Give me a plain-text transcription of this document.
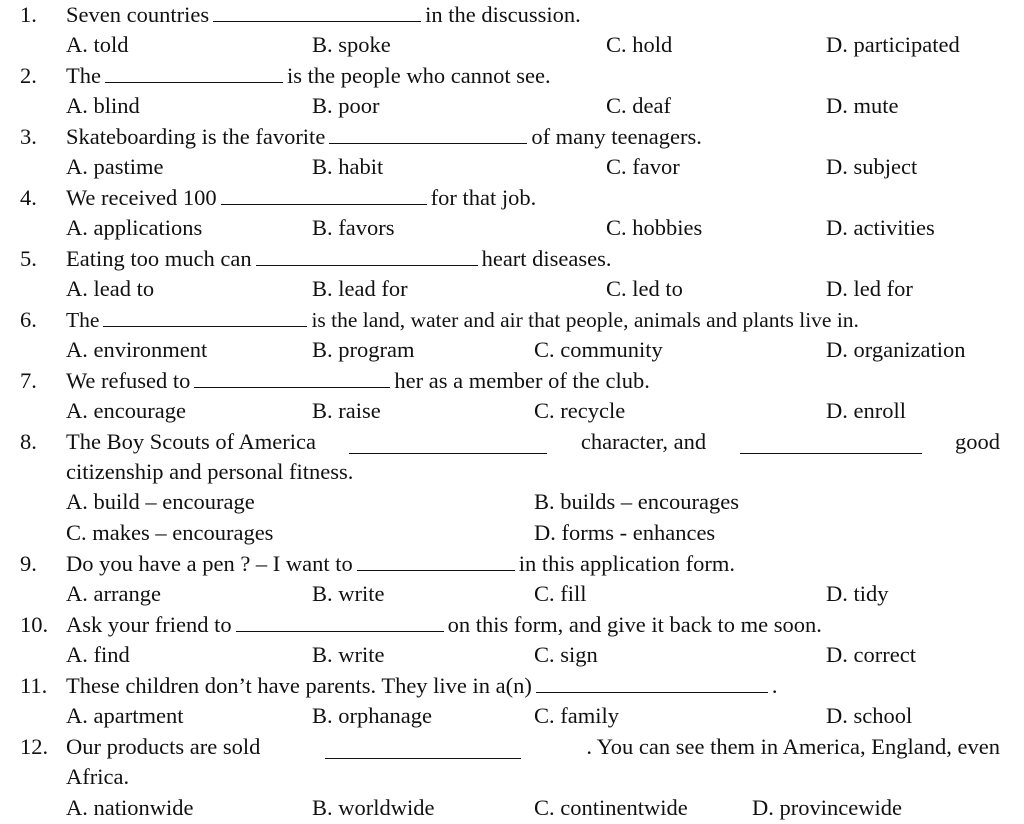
1. Seven countries	in the discussion.
A. told	B. spoke	C. hold	D. participated
2. The	is the people who cannot see.
A. blind	B. poor	C. deaf	D. mute
3. Skateboarding is the favorite	of many teenagers.
A. pastime	B. habit	C. favor	D. subject
4. We received 100	for that job.
A. applications	B. favors	C. hobbies	D. activities
5. Eating too much can	heart diseases.
A. lead to	B. lead for	C. led to	D. led for
6. The	is the land, water and air that people, animals and plants live in.
A. environment	B. program	C. community	D. organization
7. We refused to	her as a member of the club.
A. encourage	B. raise	C. recycle	D. enroll
8. The Boy Scouts of America	character, and	good
citizenship and personal fitness.
A. build – encourage	B. builds – encourages
C. makes – encourages	D. forms - enhances
9. Do you have a pen ? – I want to	in this application form.
A. arrange	B. write	C. fill	D. tidy
10. Ask your friend to	on this form, and give it back to me soon.
A. find	B. write	C. sign	D. correct
11. These children don’t have parents. They live in a(n)	.
A. apartment	B. orphanage	C. family	D. school
12. Our products are sold	. You can see them in America, England, even
Africa.
A. nationwide	B. worldwide	C. continentwide	D. provincewide
